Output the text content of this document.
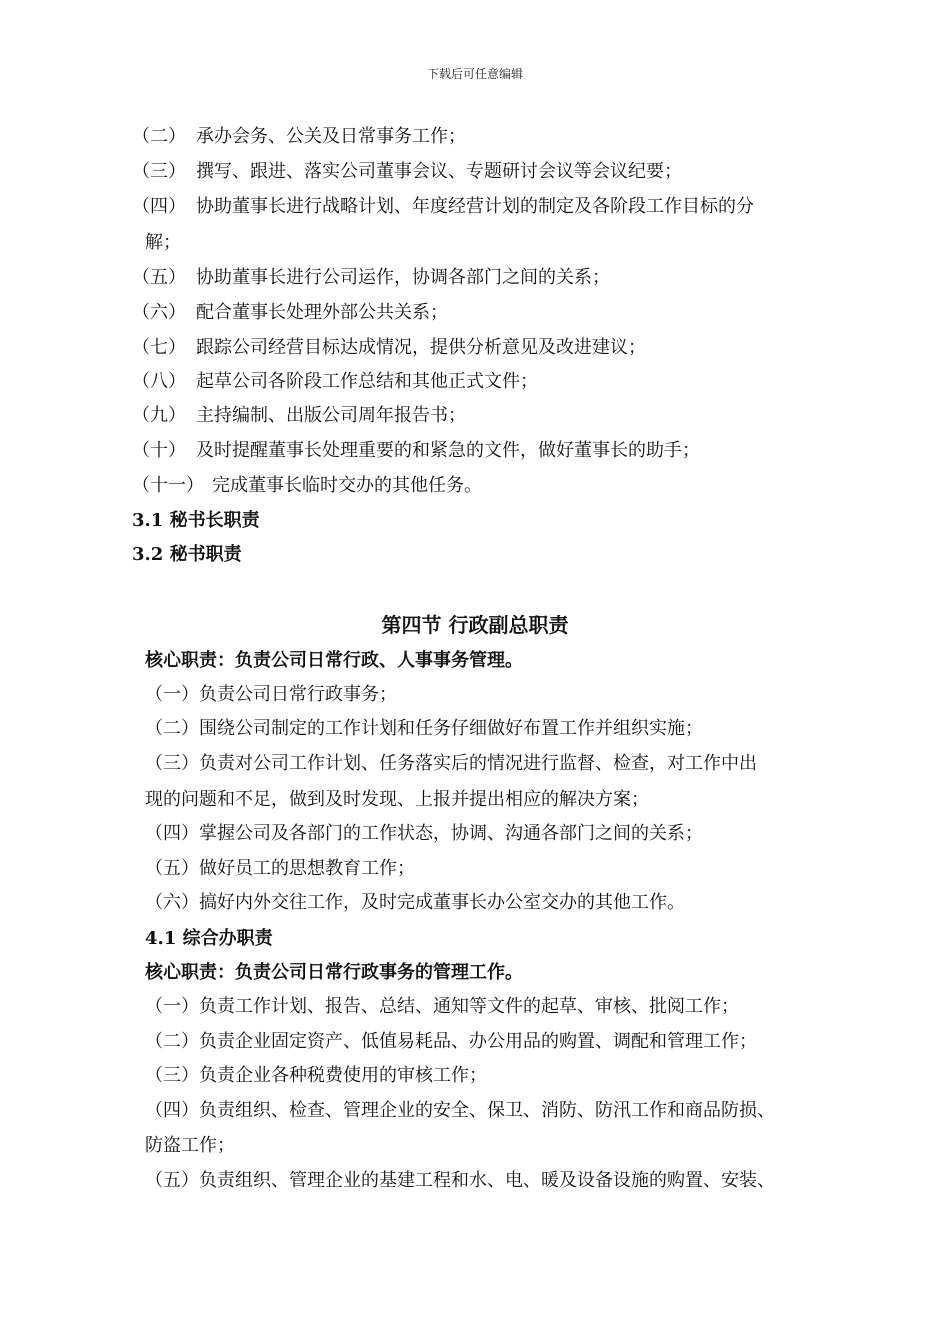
下载后可任意编辑
（二） 承办会务、公关及日常事务工作；
（三） 撰写、跟进、落实公司董事会议、专题研讨会议等会议纪要；
（四） 协助董事长进行战略计划、年度经营计划的制定及各阶段工作目标的分
解；
（五） 协助董事长进行公司运作，协调各部门之间的关系；
（六） 配合董事长处理外部公共关系；
（七） 跟踪公司经营目标达成情况，提供分析意见及改进建议；
（八） 起草公司各阶段工作总结和其他正式文件；
（九） 主持编制、出版公司周年报告书；
（十） 及时提醒董事长处理重要的和紧急的文件，做好董事长的助手；
（十一） 完成董事长临时交办的其他任务。
3.1 秘书长职责
3.2 秘书职责
第四节 行政副总职责
核心职责：负责公司日常行政、人事事务管理。
（一）负责公司日常行政事务；
（二）围绕公司制定的工作计划和任务仔细做好布置工作并组织实施；
（三）负责对公司工作计划、任务落实后的情况进行监督、检查，对工作中出
现的问题和不足，做到及时发现、上报并提出相应的解决方案；
（四）掌握公司及各部门的工作状态，协调、沟通各部门之间的关系；
（五）做好员工的思想教育工作；
（六）搞好内外交往工作，及时完成董事长办公室交办的其他工作。
4.1 综合办职责
核心职责：负责公司日常行政事务的管理工作。
（一）负责工作计划、报告、总结、通知等文件的起草、审核、批阅工作；
（二）负责企业固定资产、低值易耗品、办公用品的购置、调配和管理工作；
（三）负责企业各种税费使用的审核工作；
（四）负责组织、检查、管理企业的安全、保卫、消防、防汛工作和商品防损、
防盗工作；
（五）负责组织、管理企业的基建工程和水、电、暖及设备设施的购置、安装、
